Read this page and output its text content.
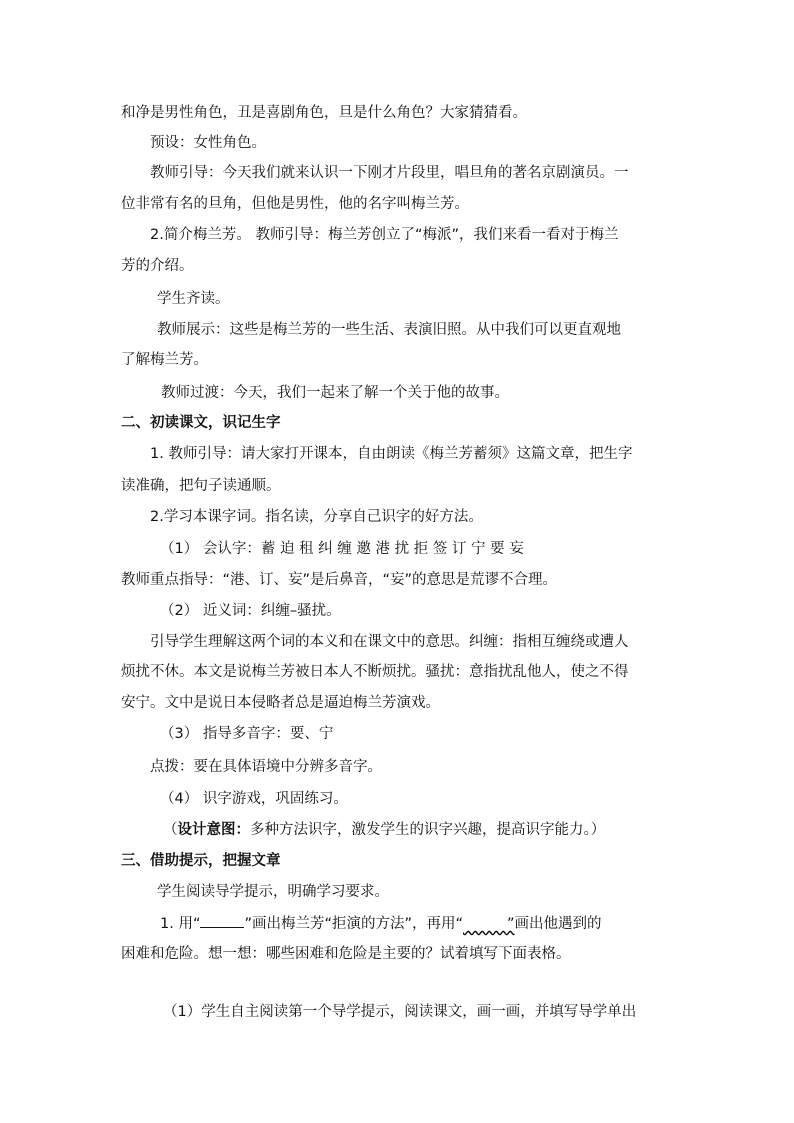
和净是男性角色，丑是喜剧角色，旦是什么角色？大家猜猜看。
预设：女性角色。
教师引导：今天我们就来认识一下刚才片段里，唱旦角的著名京剧演员。一
位非常有名的旦角，但他是男性，他的名字叫梅兰芳。
2.简介梅兰芳。 教师引导：梅兰芳创立了“梅派”，我们来看一看对于梅兰
芳的介绍。
学生齐读。
教师展示：这些是梅兰芳的一些生活、表演旧照。从中我们可以更直观地
了解梅兰芳。
教师过渡：今天，我们一起来了解一个关于他的故事。
二、初读课文，识记生字
1. 教师引导：请大家打开课本，自由朗读《梅兰芳蓄须》这篇文章，把生字
读准确，把句子读通顺。
2.学习本课字词。指名读，分享自己识字的好方法。
（1） 会认字：蓄 迫 租 纠 缠 邀 港 扰 拒 签 订 宁 要 妄
教师重点指导：“港、订、妄”是后鼻音，“妄”的意思是荒谬不合理。
（2） 近义词：纠缠–骚扰。
引导学生理解这两个词的本义和在课文中的意思。纠缠：指相互缠绕或遭人
烦扰不休。本文是说梅兰芳被日本人不断烦扰。骚扰：意指扰乱他人，使之不得
安宁。文中是说日本侵略者总是逼迫梅兰芳演戏。
（3） 指导多音字：要、宁
点拨：要在具体语境中分辨多音字。
（4） 识字游戏，巩固练习。
（设计意图：多种方法识字，激发学生的识字兴趣，提高识字能力。）
三、借助提示，把握文章
学生阅读导学提示，明确学习要求。
1. 用“	”画出梅兰芳“拒演的方法”，再用“	”画出他遇到的
困难和危险。想一想：哪些困难和危险是主要的？试着填写下面表格。
（1）学生自主阅读第一个导学提示，阅读课文，画一画，并填写导学单出
